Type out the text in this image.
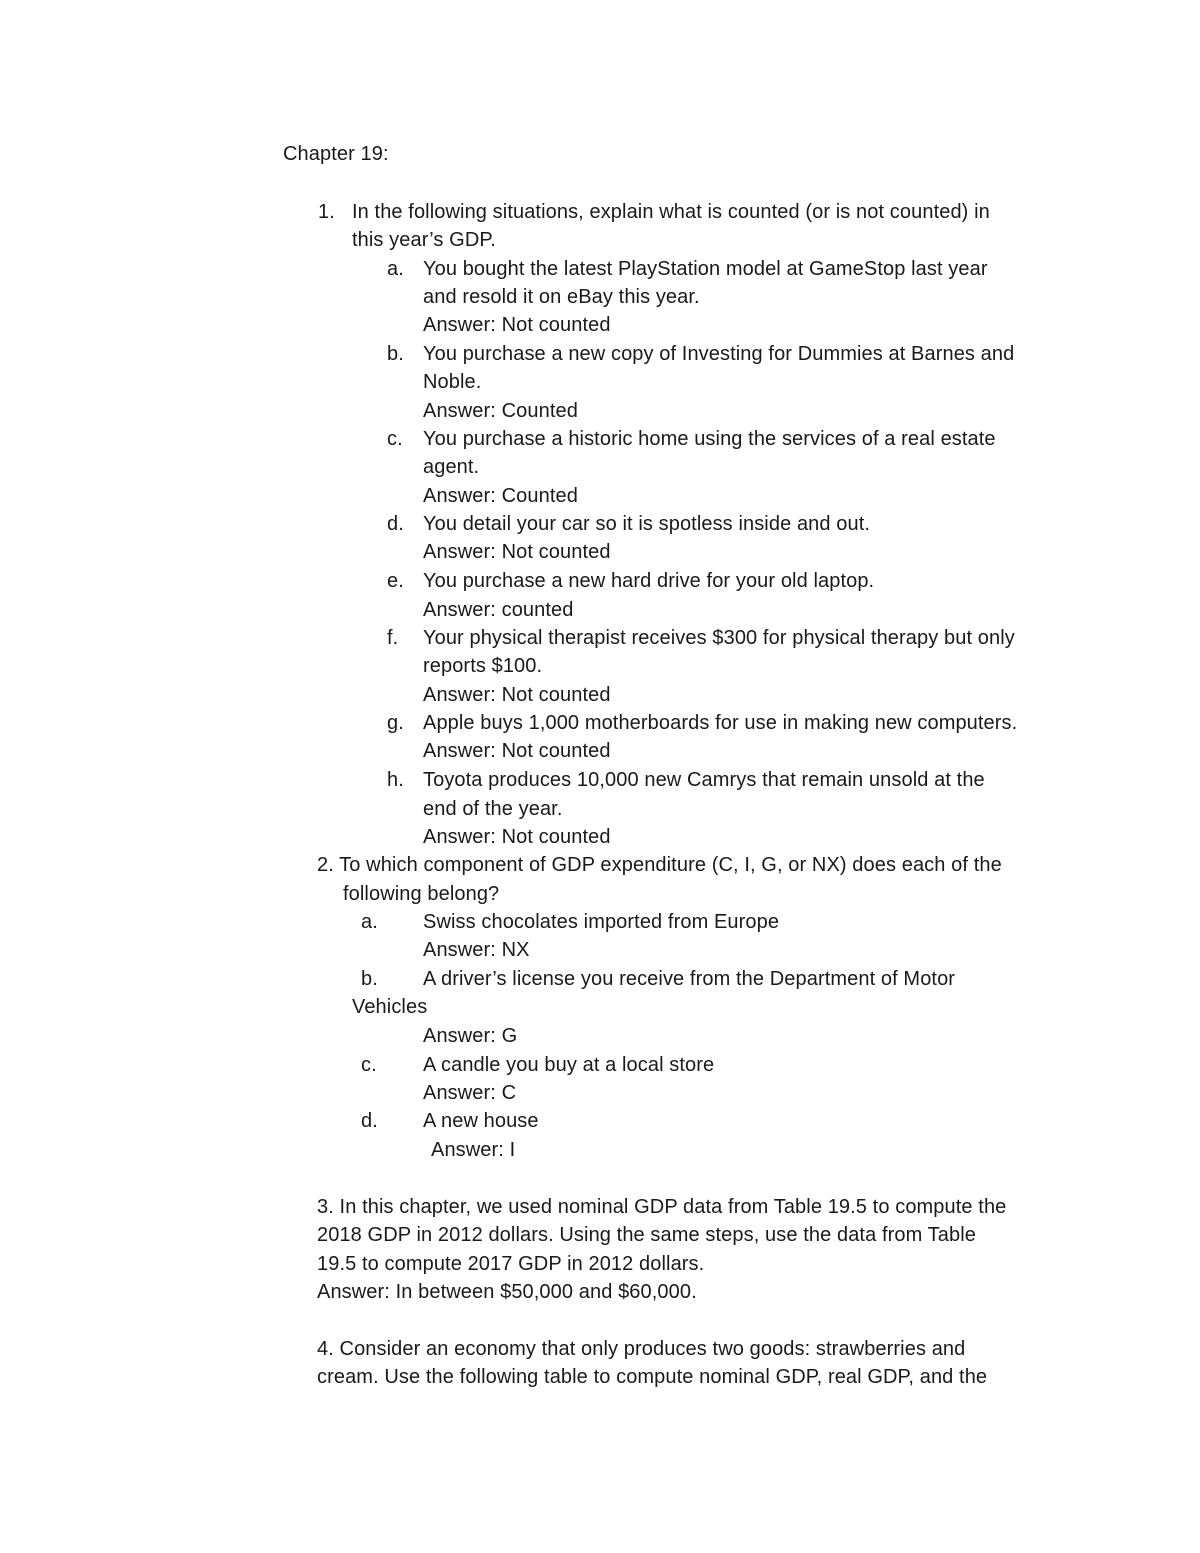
Chapter 19:
1. In the following situations, explain what is counted (or is not counted) in
this year’s GDP.
a. You bought the latest PlayStation model at GameStop last year
and resold it on eBay this year.
Answer: Not counted
b. You purchase a new copy of Investing for Dummies at Barnes and
Noble.
Answer: Counted
c. You purchase a historic home using the services of a real estate
agent.
Answer: Counted
d. You detail your car so it is spotless inside and out.
Answer: Not counted
e. You purchase a new hard drive for your old laptop.
Answer: counted
f. Your physical therapist receives $300 for physical therapy but only
reports $100.
Answer: Not counted
g. Apple buys 1,000 motherboards for use in making new computers.
Answer: Not counted
h. Toyota produces 10,000 new Camrys that remain unsold at the
end of the year.
Answer: Not counted
2. To which component of GDP expenditure (C, I, G, or NX) does each of the
following belong?
a. Swiss chocolates imported from Europe
Answer: NX
b. A driver’s license you receive from the Department of Motor
Vehicles
Answer: G
c. A candle you buy at a local store
Answer: C
d. A new house
Answer: I
3. In this chapter, we used nominal GDP data from Table 19.5 to compute the
2018 GDP in 2012 dollars. Using the same steps, use the data from Table
19.5 to compute 2017 GDP in 2012 dollars.
Answer: In between $50,000 and $60,000.
4. Consider an economy that only produces two goods: strawberries and
cream. Use the following table to compute nominal GDP, real GDP, and the
